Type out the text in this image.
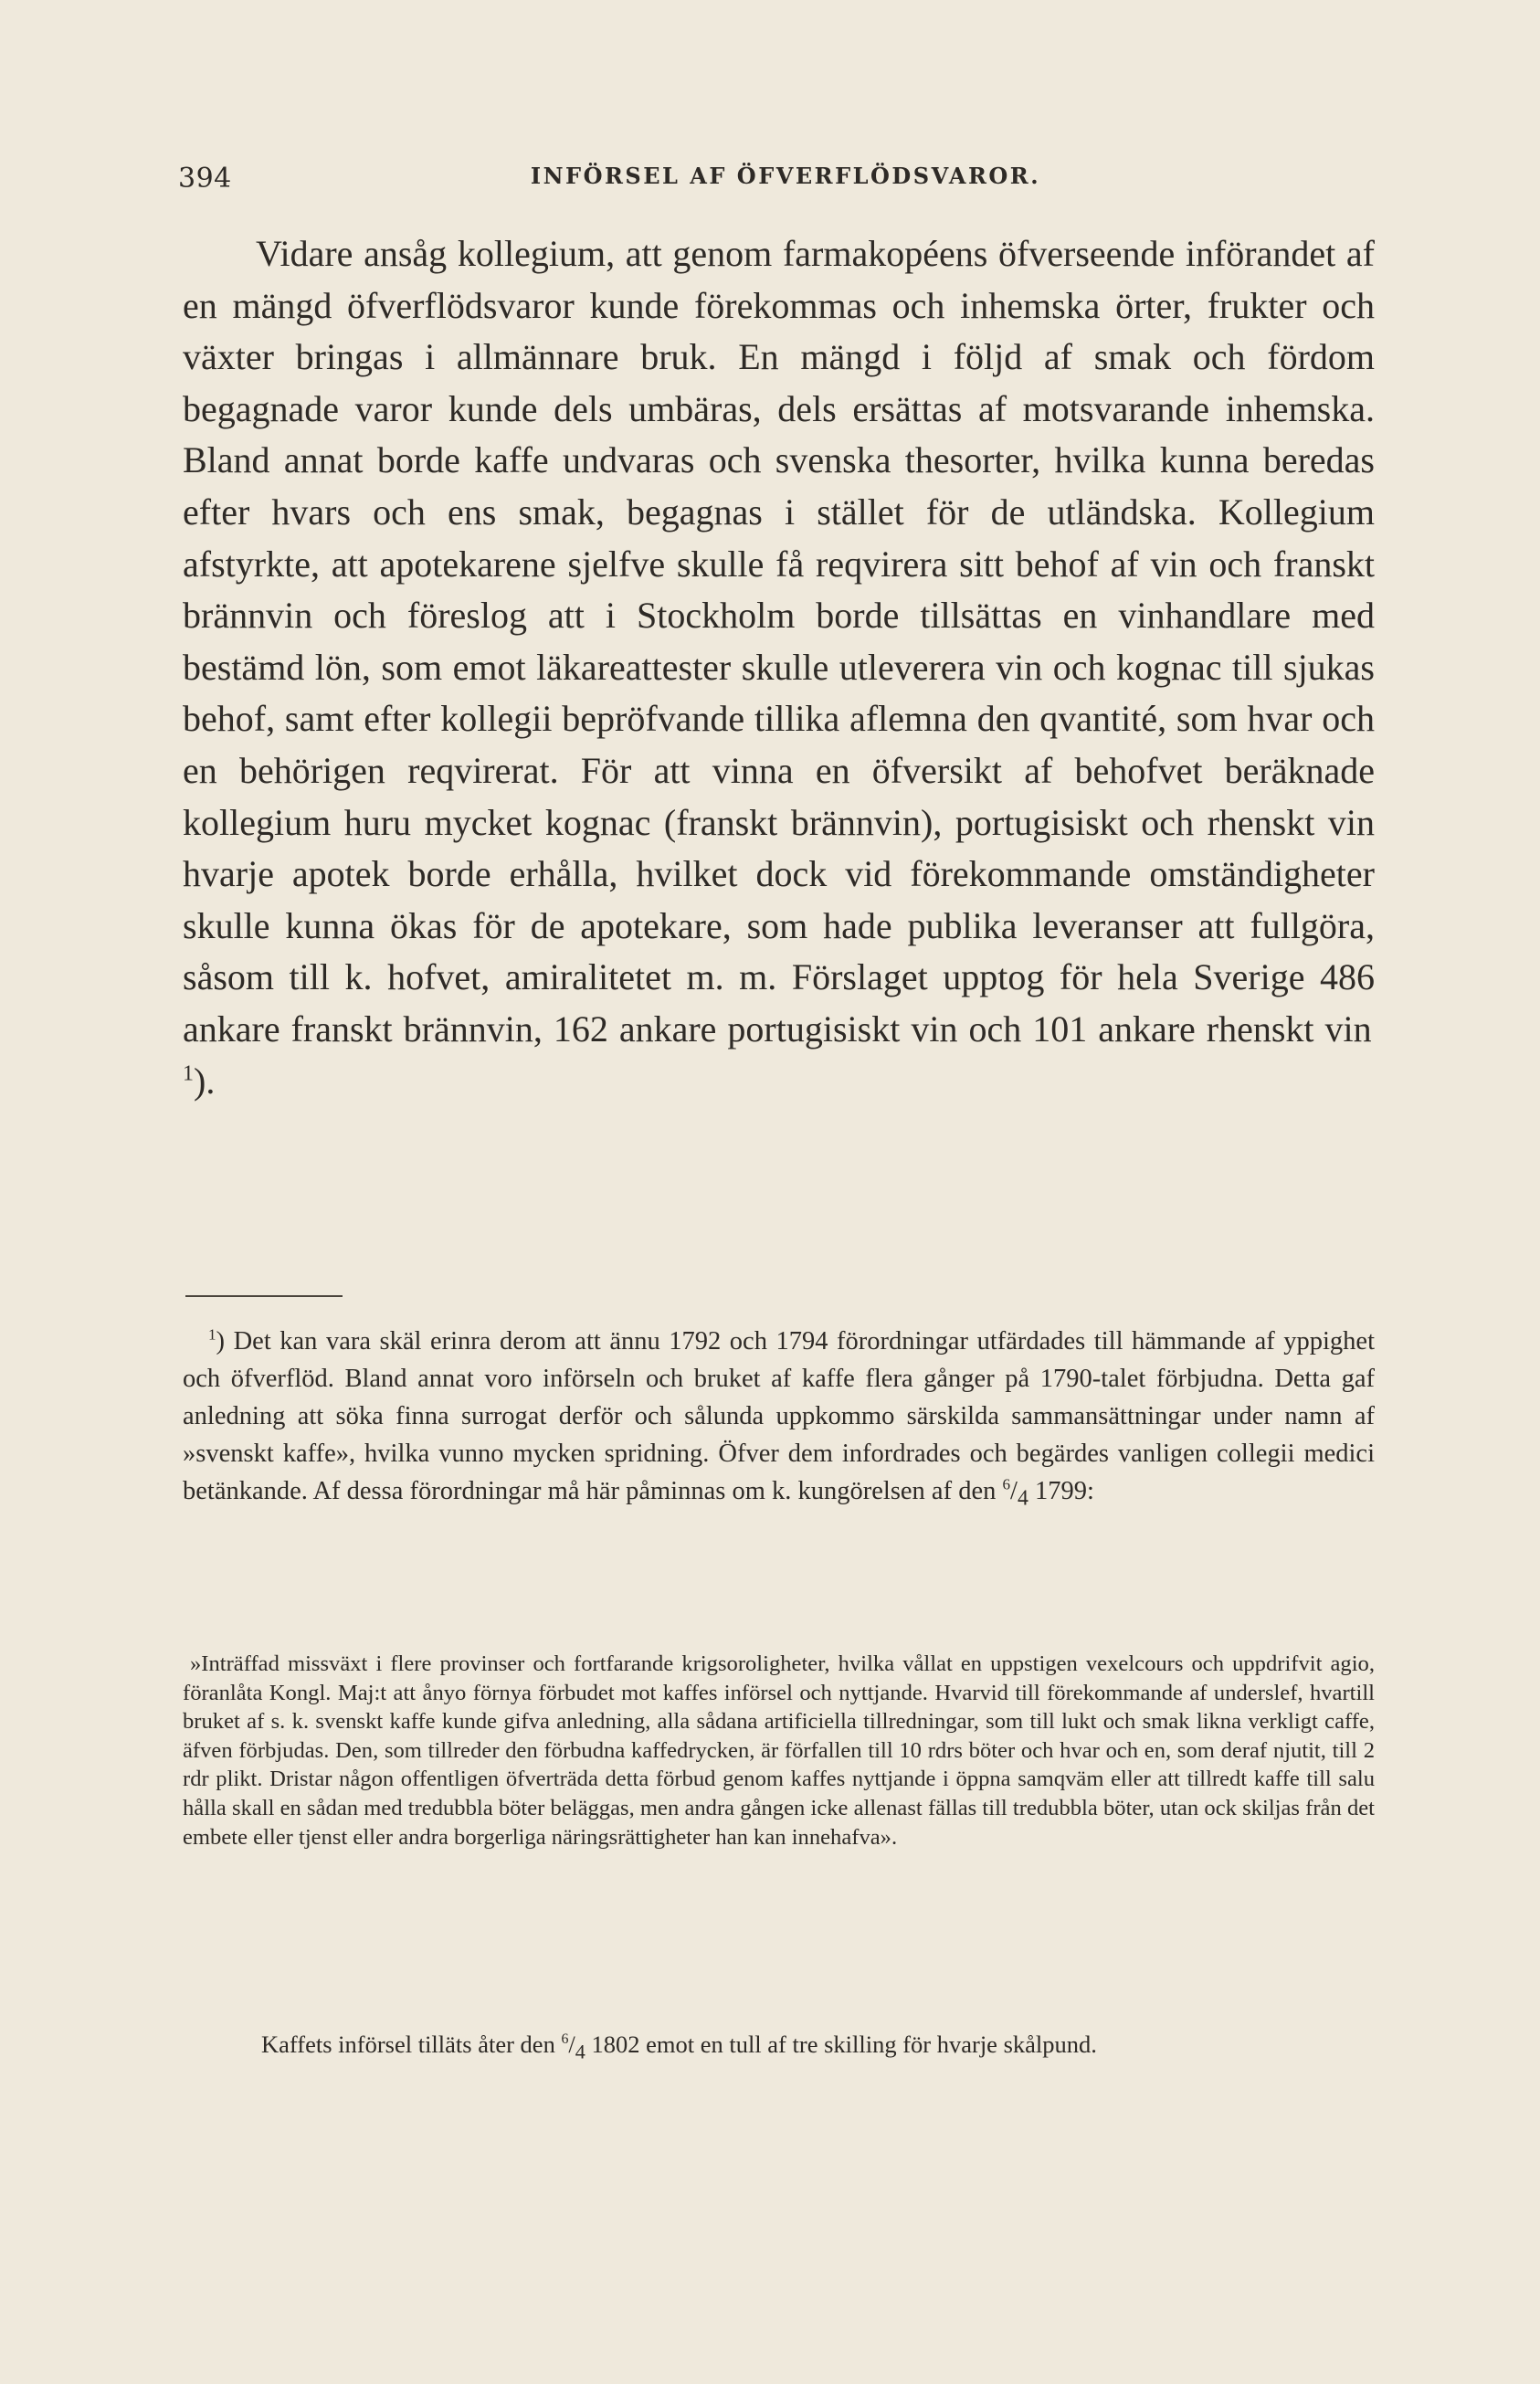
394	INFÖRSEL AF ÖFVERFLÖDSVAROR.

Vidare ansåg kollegium, att genom farmakopéens öfverseende införandet af en mängd öfverflödsvaror kunde förekommas och inhemska örter, frukter och växter bringas i allmännare bruk. En mängd i följd af smak och fördom begagnade varor kunde dels umbäras, dels ersättas af motsvarande inhemska. Bland annat borde kaffe undvaras och svenska thesorter, hvilka kunna beredas efter hvars och ens smak, begagnas i stället för de utländska. Kollegium afstyrkte, att apotekarene sjelfve skulle få reqvirera sitt behof af vin och franskt brännvin och föreslog att i Stockholm borde tillsättas en vinhandlare med bestämd lön, som emot läkareattester skulle utleverera vin och kognac till sjukas behof, samt efter kollegii bepröfvande tillika aflemna den qvantité, som hvar och en behörigen reqvirerat. För att vinna en öfversikt af behofvet beräknade kollegium huru mycket kognac (franskt brännvin), portugisiskt och rhenskt vin hvarje apotek borde erhålla, hvilket dock vid förekommande omständigheter skulle kunna ökas för de apotekare, som hade publika leveranser att fullgöra, såsom till k. hofvet, amiralitetet m. m. Förslaget upptog för hela Sverige 486 ankare franskt brännvin, 162 ankare portugisiskt vin och 101 ankare rhenskt vin $^1$).

$^1$) Det kan vara skäl erinra derom att ännu 1792 och 1794 förordningar utfärdades till hämmande af yppighet och öfverflöd. Bland annat voro införseln och bruket af kaffe flera gånger på 1790-talet förbjudna. Detta gaf anledning att söka finna surrogat derför och sålunda uppkommo särskilda sammansättningar under namn af »svenskt kaffe», hvilka vunno mycken spridning. Öfver dem infordrades och begärdes vanligen collegii medici betänkande. Af dessa förordningar må här påminnas om k. kungörelsen af den $^6/_4$ 1799:

»Inträffad missväxt i flere provinser och fortfarande krigsoroligheter, hvilka vållat en uppstigen vexelcours och uppdrifvit agio, föranlåta Kongl. Maj:t att ånyo förnya förbudet mot kaffes införsel och nyttjande. Hvarvid till förekommande af underslef, hvartill bruket af s. k. svenskt kaffe kunde gifva anledning, alla sådana artificiella tillredningar, som till lukt och smak likna verkligt caffe, äfven förbjudas. Den, som tillreder den förbudna kaffedrycken, är förfallen till 10 rdrs böter och hvar och en, som deraf njutit, till 2 rdr plikt. Dristar någon offentligen öfverträda detta förbud genom kaffes nyttjande i öppna samqväm eller att tillredt kaffe till salu hålla skall en sådan med tredubbla böter beläggas, men andra gången icke allenast fällas till tredubbla böter, utan ock skiljas från det embete eller tjenst eller andra borgerliga näringsrättigheter han kan innehafva».

Kaffets införsel tilläts åter den $^6/_4$ 1802 emot en tull af tre skilling för hvarje skålpund.
